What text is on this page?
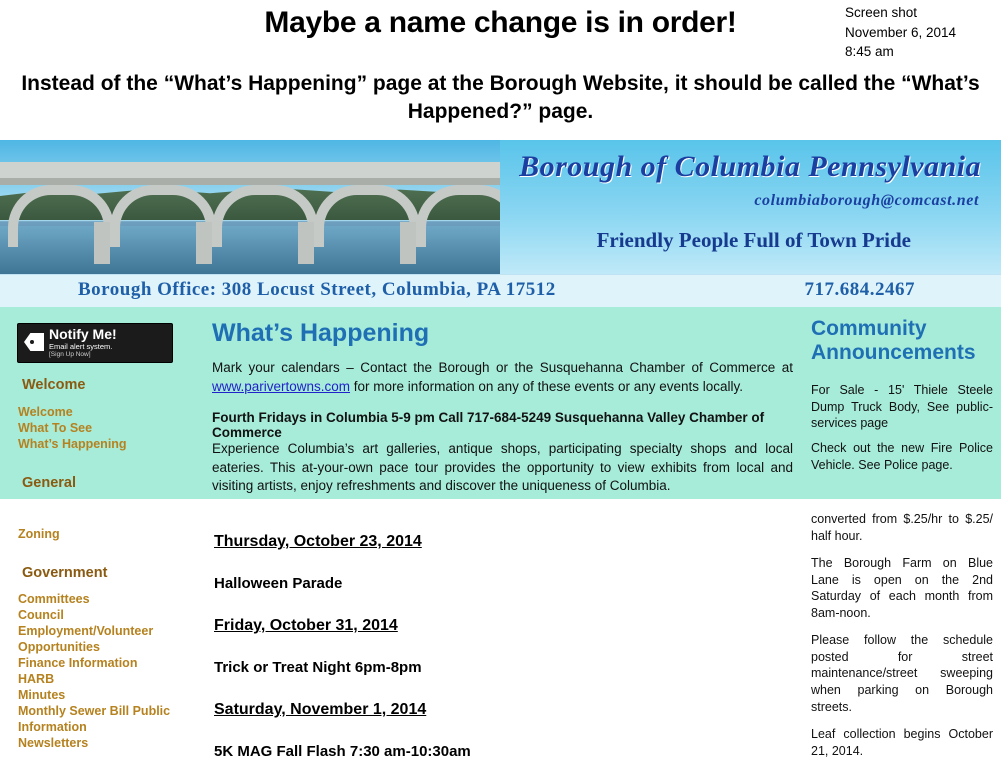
Maybe a name change is in order!
Instead of the “What’s Happening” page at the Borough Website, it should be called the “What’s Happened?” page.
Screen shot
November 6, 2014
8:45 am
Borough of Columbia Pennsylvania
columbiaborough@comcast.net
Friendly People Full of Town Pride
Borough Office: 308 Locust Street, Columbia, PA 17512	717.684.2467
Notify Me!
Email alert system.
[Sign Up Now]
Welcome
Welcome
What To See
What’s Happening
General
Yard Waste Facility
Zoning
Government
Committees
Council
Employment/Volunteer Opportunities
Finance Information
HARB
Minutes
Monthly Sewer Bill Public Information
Newsletters
What’s Happening
Mark your calendars – Contact the Borough or the Susquehanna Chamber of Commerce at www.parivertowns.com for more information on any of these events or any events locally.
Fourth Fridays in Columbia 5-9 pm Call 717-684-5249 Susquehanna Valley Chamber of Commerce
Experience Columbia’s art galleries, antique shops, participating specialty shops and local eateries. This at-your-own pace tour provides the opportunity to view exhibits from local and visiting artists, enjoy refreshments and discover the uniqueness of Columbia.
Thursday, October 23, 2014
Halloween Parade
Friday, October 31, 2014
Trick or Treat Night 6pm-8pm
Saturday, November 1, 2014
5K MAG Fall Flash 7:30 am-10:30am
Community Announcements
For Sale - 15' Thiele Steele Dump Truck Body, See public-services page
Check out the new Fire Police Vehicle. See Police page.
converted from $.25/hr to $.25/ half hour.
The Borough Farm on Blue Lane is open on the 2nd Saturday of each month from 8am-noon.
Please follow the schedule posted for street maintenance/street sweeping when parking on Borough streets.
Leaf collection begins October 21, 2014.
